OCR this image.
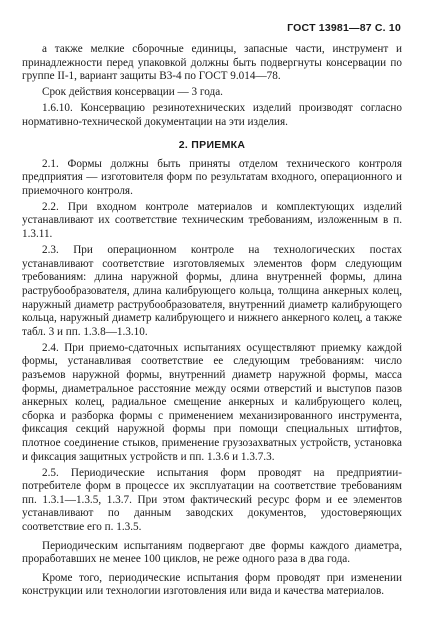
ГОСТ 13981—87 С. 10

а также мелкие сборочные единицы, запасные части, инструмент и принадлежности перед упаковкой должны быть подвергнуты консервации по группе II-1, вариант защиты В3-4 по ГОСТ 9.014—78.

Срок действия консервации — 3 года.

1.6.10. Консервацию резинотехнических изделий производят согласно нормативно-технической документации на эти изделия.

2. ПРИЕМКА

2.1. Формы должны быть приняты отделом технического контроля предприятия — изготовителя форм по результатам входного, операционного и приемочного контроля.

2.2. При входном контроле материалов и комплектующих изделий устанавливают их соответствие техническим требованиям, изложенным в п. 1.3.11.

2.3. При операционном контроле на технологических постах устанавливают соответствие изготовляемых элементов форм следующим требованиям: длина наружной формы, длина внутренней формы, длина раструбообразователя, длина калибрующего кольца, толщина анкерных колец, наружный диаметр раструбообразователя, внутренний диаметр калибрующего кольца, наружный диаметр калибрующего и нижнего анкерного колец, а также табл. 3 и пп. 1.3.8—1.3.10.

2.4. При приемо-сдаточных испытаниях осуществляют приемку каждой формы, устанавливая соответствие ее следующим требованиям: число разъемов наружной формы, внутренний диаметр наружной формы, масса формы, диаметральное расстояние между осями отверстий и выступов пазов анкерных колец, радиальное смещение анкерных и калибрующего колец, сборка и разборка формы с применением механизированного инструмента, фиксация секций наружной формы при помощи специальных штифтов, плотное соединение стыков, применение грузозахватных устройств, установка и фиксация защитных устройств и пп. 1.3.6 и 1.3.7.3.

2.5. Периодические испытания форм проводят на предприятии-потребителе форм в процессе их эксплуатации на соответствие требованиям пп. 1.3.1—1.3.5, 1.3.7. При этом фактический ресурс форм и ее элементов устанавливают по данным заводских документов, удостоверяющих соответствие его п. 1.3.5.

Периодическим испытаниям подвергают две формы каждого диаметра, проработавших не менее 100 циклов, не реже одного раза в два года.

Кроме того, периодические испытания форм проводят при изменении конструкции или технологии изготовления или вида и качества материалов.
